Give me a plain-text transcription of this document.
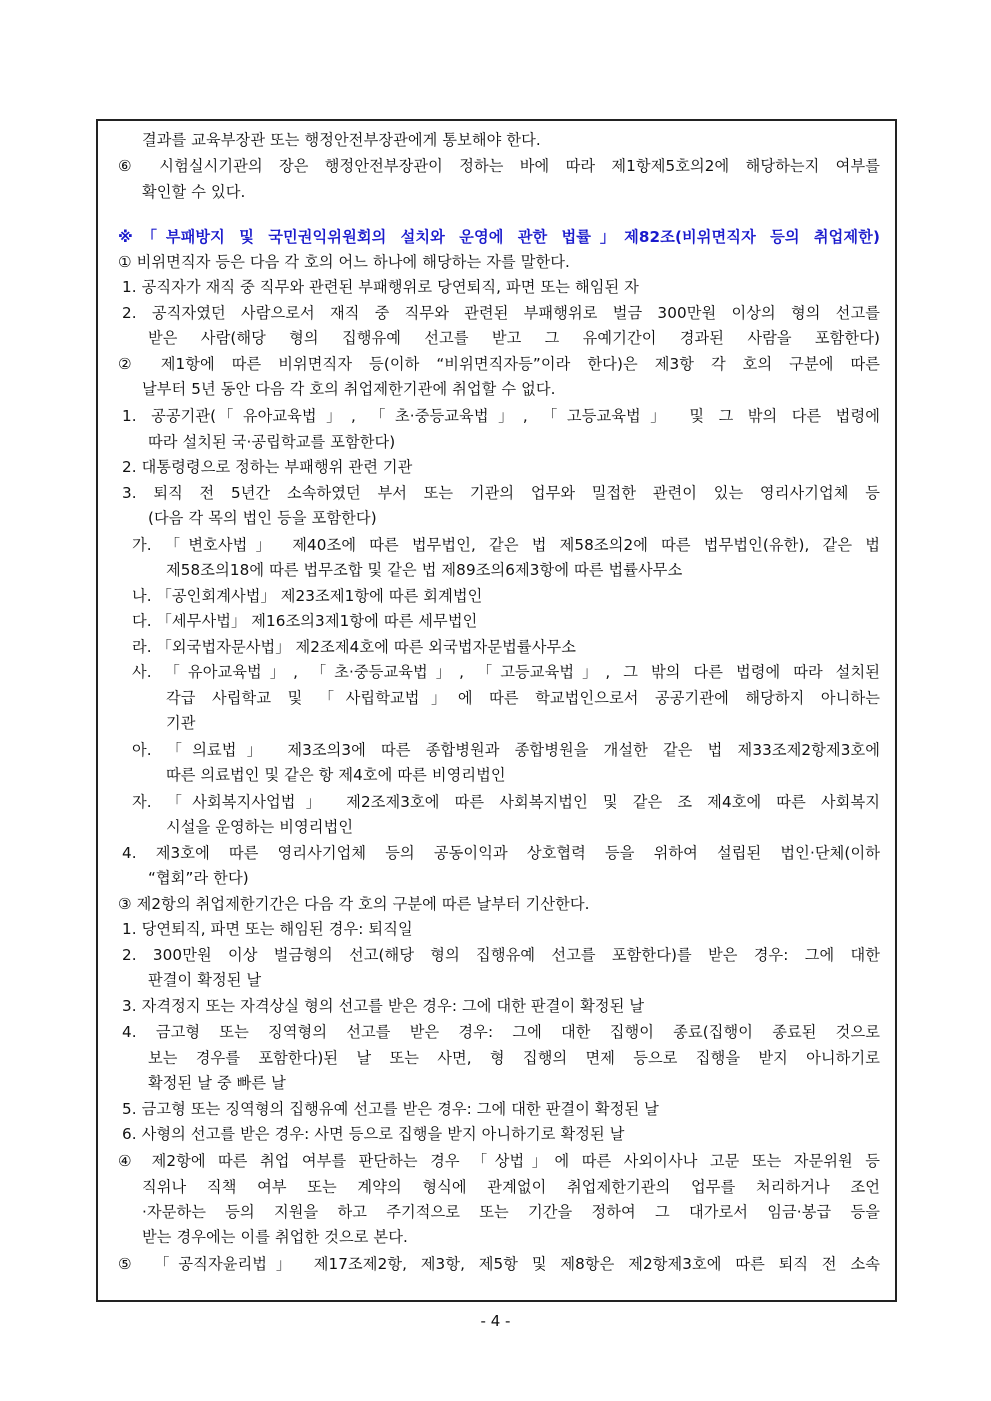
결과를 교육부장관 또는 행정안전부장관에게 통보해야 한다.
⑥ 시험실시기관의 장은 행정안전부장관이 정하는 바에 따라 제1항제5호의2에 해당하는지 여부를
확인할 수 있다.
※「부패방지 및 국민권익위원회의 설치와 운영에 관한 법률」제82조(비위면직자 등의 취업제한)
① 비위면직자 등은 다음 각 호의 어느 하나에 해당하는 자를 말한다.
1. 공직자가 재직 중 직무와 관련된 부패행위로 당연퇴직, 파면 또는 해임된 자
2. 공직자였던 사람으로서 재직 중 직무와 관련된 부패행위로 벌금 300만원 이상의 형의 선고를
받은 사람(해당 형의 집행유예 선고를 받고 그 유예기간이 경과된 사람을 포함한다)
② 제1항에 따른 비위면직자 등(이하 “비위면직자등”이라 한다)은 제3항 각 호의 구분에 따른
날부터 5년 동안 다음 각 호의 취업제한기관에 취업할 수 없다.
1. 공공기관(「유아교육법」, 「초·중등교육법」, 「고등교육법」 및 그 밖의 다른 법령에
따라 설치된 국·공립학교를 포함한다)
2. 대통령령으로 정하는 부패행위 관련 기관
3. 퇴직 전 5년간 소속하였던 부서 또는 기관의 업무와 밀접한 관련이 있는 영리사기업체 등
(다음 각 목의 법인 등을 포함한다)
가. 「변호사법」 제40조에 따른 법무법인, 같은 법 제58조의2에 따른 법무법인(유한), 같은 법
제58조의18에 따른 법무조합 및 같은 법 제89조의6제3항에 따른 법률사무소
나. 「공인회계사법」 제23조제1항에 따른 회계법인
다. 「세무사법」 제16조의3제1항에 따른 세무법인
라. 「외국법자문사법」 제2조제4호에 따른 외국법자문법률사무소
사. 「유아교육법」, 「초·중등교육법」, 「고등교육법」, 그 밖의 다른 법령에 따라 설치된
각급 사립학교 및 「사립학교법」에 따른 학교법인으로서 공공기관에 해당하지 아니하는
기관
아. 「의료법」 제3조의3에 따른 종합병원과 종합병원을 개설한 같은 법 제33조제2항제3호에
따른 의료법인 및 같은 항 제4호에 따른 비영리법인
자. 「사회복지사업법」 제2조제3호에 따른 사회복지법인 및 같은 조 제4호에 따른 사회복지
시설을 운영하는 비영리법인
4. 제3호에 따른 영리사기업체 등의 공동이익과 상호협력 등을 위하여 설립된 법인·단체(이하
“협회”라 한다)
③ 제2항의 취업제한기간은 다음 각 호의 구분에 따른 날부터 기산한다.
1. 당연퇴직, 파면 또는 해임된 경우: 퇴직일
2. 300만원 이상 벌금형의 선고(해당 형의 집행유예 선고를 포함한다)를 받은 경우: 그에 대한
판결이 확정된 날
3. 자격정지 또는 자격상실 형의 선고를 받은 경우: 그에 대한 판결이 확정된 날
4. 금고형 또는 징역형의 선고를 받은 경우: 그에 대한 집행이 종료(집행이 종료된 것으로
보는 경우를 포함한다)된 날 또는 사면, 형 집행의 면제 등으로 집행을 받지 아니하기로
확정된 날 중 빠른 날
5. 금고형 또는 징역형의 집행유예 선고를 받은 경우: 그에 대한 판결이 확정된 날
6. 사형의 선고를 받은 경우: 사면 등으로 집행을 받지 아니하기로 확정된 날
④ 제2항에 따른 취업 여부를 판단하는 경우 「상법」에 따른 사외이사나 고문 또는 자문위원 등
직위나 직책 여부 또는 계약의 형식에 관계없이 취업제한기관의 업무를 처리하거나 조언
·자문하는 등의 지원을 하고 주기적으로 또는 기간을 정하여 그 대가로서 임금·봉급 등을
받는 경우에는 이를 취업한 것으로 본다.
⑤ 「공직자윤리법」 제17조제2항, 제3항, 제5항 및 제8항은 제2항제3호에 따른 퇴직 전 소속
- 4 -
